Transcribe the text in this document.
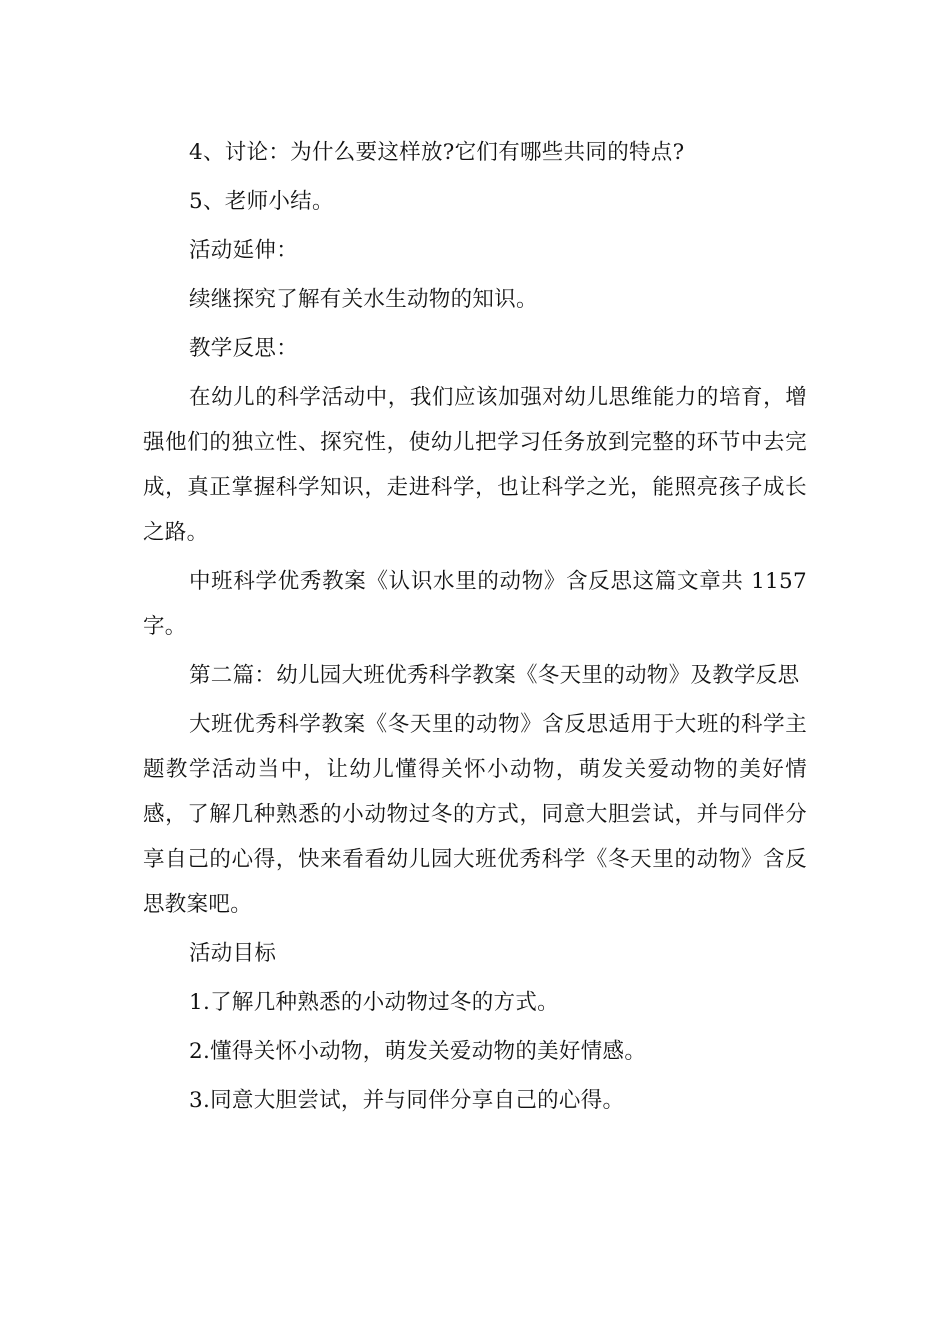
4、讨论：为什么要这样放?它们有哪些共同的特点?

5、老师小结。

活动延伸：

续继探究了解有关水生动物的知识。

教学反思：

在幼儿的科学活动中，我们应该加强对幼儿思维能力的培育，增强他们的独立性、探究性，使幼儿把学习任务放到完整的环节中去完成，真正掌握科学知识，走进科学，也让科学之光，能照亮孩子成长之路。

中班科学优秀教案《认识水里的动物》含反思这篇文章共 1157 字。

第二篇：幼儿园大班优秀科学教案《冬天里的动物》及教学反思

大班优秀科学教案《冬天里的动物》含反思适用于大班的科学主题教学活动当中，让幼儿懂得关怀小动物，萌发关爱动物的美好情感，了解几种熟悉的小动物过冬的方式，同意大胆尝试，并与同伴分享自己的心得，快来看看幼儿园大班优秀科学《冬天里的动物》含反思教案吧。

活动目标

1.了解几种熟悉的小动物过冬的方式。

2.懂得关怀小动物，萌发关爱动物的美好情感。

3.同意大胆尝试，并与同伴分享自己的心得。
